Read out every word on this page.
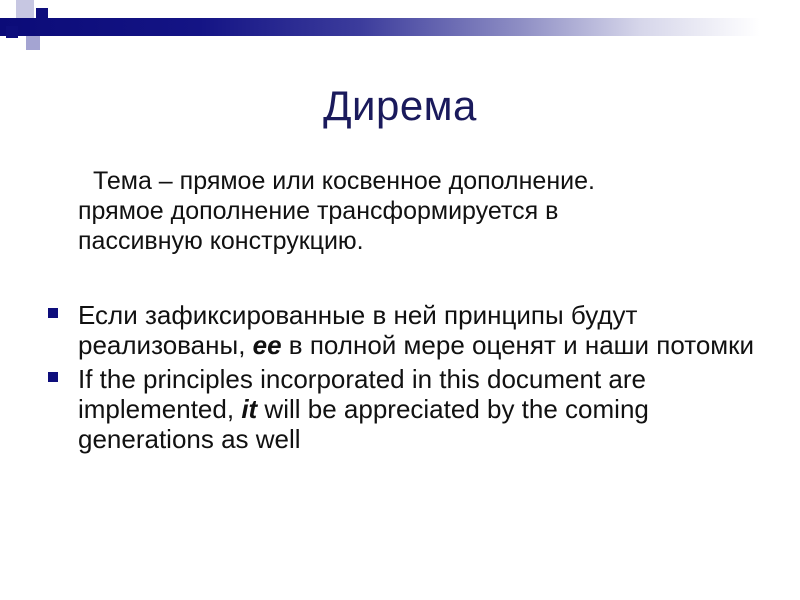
Дирема
Тема – прямое или косвенное дополнение.
прямое дополнение трансформируется в
пассивную конструкцию.
Если зафиксированные в ней принципы будут реализованы, ее в полной мере оценят и наши потомки
If the principles incorporated in this document are implemented, it will be appreciated by the coming generations as well
